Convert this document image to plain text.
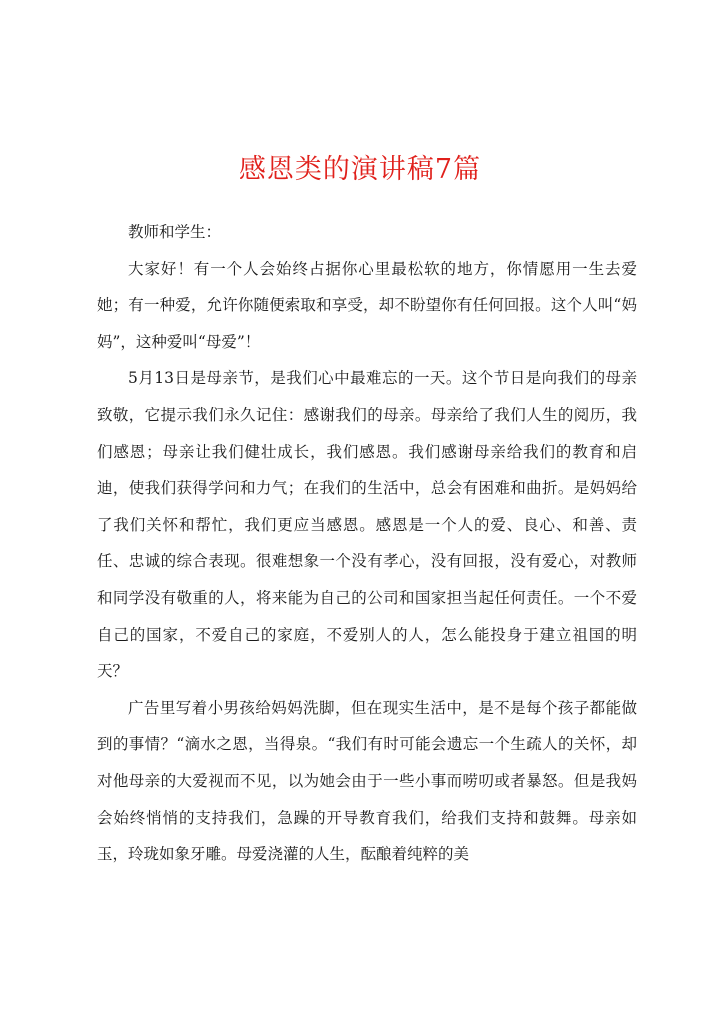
感恩类的演讲稿7篇

教师和学生：

大家好！有一个人会始终占据你心里最松软的地方，你情愿用一生去爱她；有一种爱，允许你随便索取和享受，却不盼望你有任何回报。这个人叫“妈妈”，这种爱叫“母爱”！

5月13日是母亲节，是我们心中最难忘的一天。这个节日是向我们的母亲致敬，它提示我们永久记住：感谢我们的母亲。母亲给了我们人生的阅历，我们感恩；母亲让我们健壮成长，我们感恩。我们感谢母亲给我们的教育和启迪，使我们获得学问和力气；在我们的生活中，总会有困难和曲折。是妈妈给了我们关怀和帮忙，我们更应当感恩。感恩是一个人的爱、良心、和善、责任、忠诚的综合表现。很难想象一个没有孝心，没有回报，没有爱心，对教师和同学没有敬重的人，将来能为自己的公司和国家担当起任何责任。一个不爱自己的国家，不爱自己的家庭，不爱别人的人，怎么能投身于建立祖国的明天？

广告里写着小男孩给妈妈洗脚，但在现实生活中，是不是每个孩子都能做到的事情？“滴水之恩，当得泉。“我们有时可能会遗忘一个生疏人的关怀，却对他母亲的大爱视而不见，以为她会由于一些小事而唠叨或者暴怒。但是我妈会始终悄悄的支持我们，急躁的开导教育我们，给我们支持和鼓舞。母亲如玉，玲珑如象牙雕。母爱浇灌的人生，酝酿着纯粹的美
